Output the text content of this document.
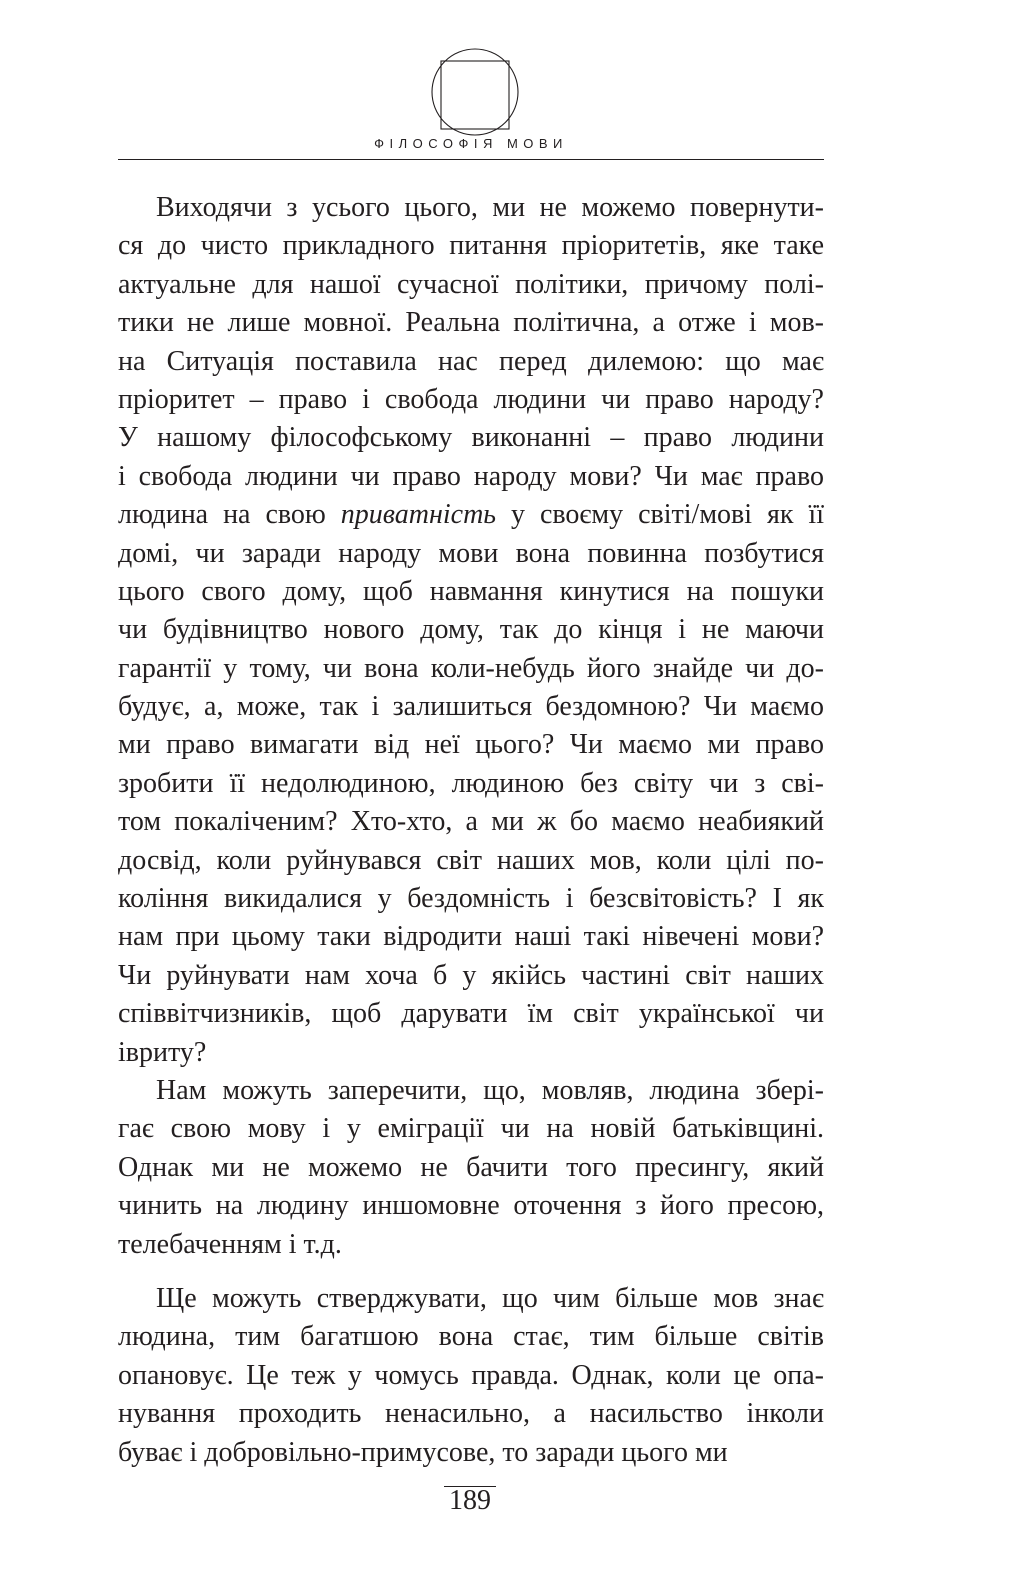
ФІЛОСОФІЯ МОВИ
Виходячи з усього цього, ми не можемо повернути-
ся до чисто прикладного питання пріоритетів, яке таке
актуальне для нашої сучасної політики, причому полі-
тики не лише мовної. Реальна політична, а отже і мов-
на Ситуація поставила нас перед дилемою: що має
пріоритет – право і свобода людини чи право народу?
У нашому філософському виконанні – право людини
і свобода людини чи право народу мови? Чи має право
людина на свою приватність у своєму світі/мові як її
домі, чи заради народу мови вона повинна позбутися
цього свого дому, щоб навмання кинутися на пошуки
чи будівництво нового дому, так до кінця і не маючи
гарантії у тому, чи вона коли-небудь його знайде чи до-
будує, а, може, так і залишиться бездомною? Чи маємо
ми право вимагати від неї цього? Чи маємо ми право
зробити її недолюдиною, людиною без світу чи з сві-
том покаліченим? Хто-хто, а ми ж бо маємо неабиякий
досвід, коли руйнувався світ наших мов, коли цілі по-
коління викидалися у бездомність і безсвітовість? І як
нам при цьому таки відродити наші такі нівечені мови?
Чи руйнувати нам хоча б у якійсь частині світ наших
співвітчизників, щоб дарувати їм світ української чи
івриту?
Нам можуть заперечити, що, мовляв, людина зберi-
гає свою мову і у еміграції чи на новій батьківщині.
Однак ми не можемо не бачити того пресингу, який
чинить на людину иншомовне оточення з його пресою,
телебаченням і т.д.
Ще можуть стверджувати, що чим більше мов знає
людина, тим багатшою вона стає, тим більше світів
опановує. Це теж у чомусь правда. Однак, коли це опа-
нування проходить ненасильно, а насильство інколи
буває і добровільно-примусове, то заради цього ми
189
